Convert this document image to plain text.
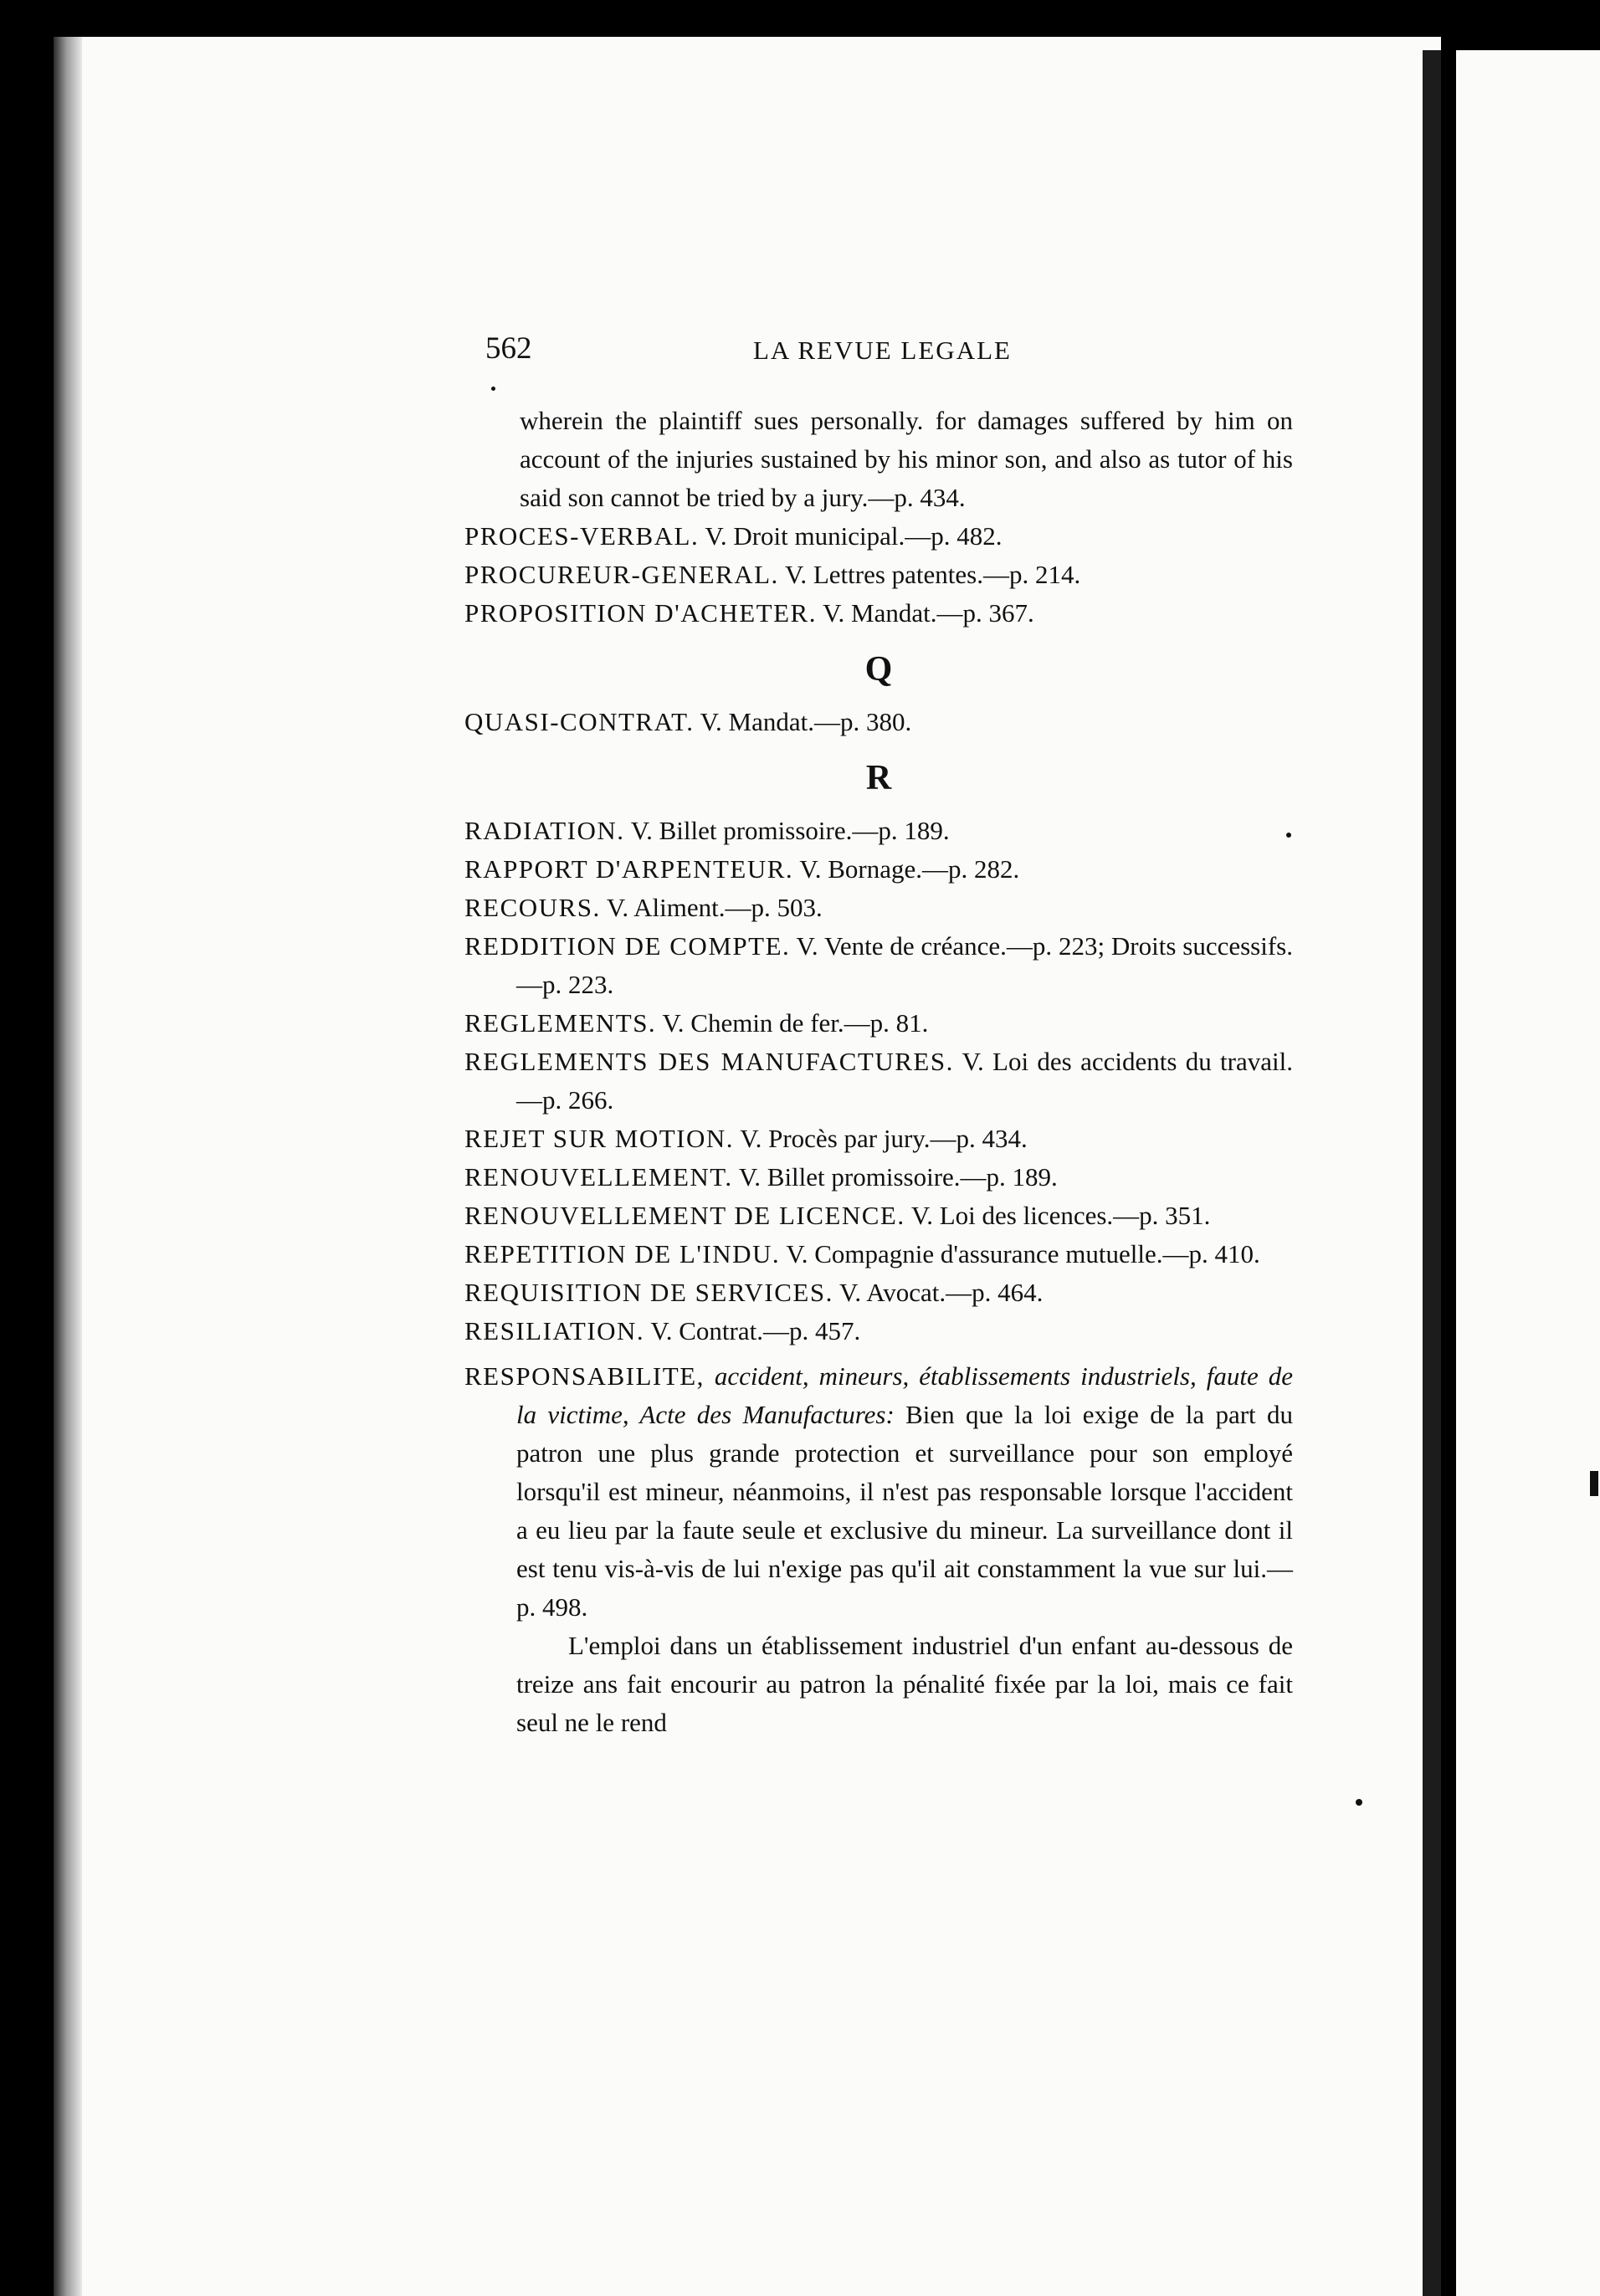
562	LA REVUE LEGALE

wherein the plaintiff sues personally. for damages suffered by him on account of the injuries sustained by his minor son, and also as tutor of his said son cannot be tried by a jury.—p. 434.

PROCES-VERBAL. V. Droit municipal.—p. 482.

PROCUREUR-GENERAL. V. Lettres patentes.—p. 214.

PROPOSITION D'ACHETER. V. Mandat.—p. 367.

Q

QUASI-CONTRAT. V. Mandat.—p. 380.

R

RADIATION. V. Billet promissoire.—p. 189.

RAPPORT D'ARPENTEUR. V. Bornage.—p. 282.

RECOURS. V. Aliment.—p. 503.

REDDITION DE COMPTE. V. Vente de créance.—p. 223; Droits successifs.—p. 223.

REGLEMENTS. V. Chemin de fer.—p. 81.

REGLEMENTS DES MANUFACTURES. V. Loi des accidents du travail.—p. 266.

REJET SUR MOTION. V. Procès par jury.—p. 434.

RENOUVELLEMENT. V. Billet promissoire.—p. 189.

RENOUVELLEMENT DE LICENCE. V. Loi des licences.—p. 351.

REPETITION DE L'INDU. V. Compagnie d'assurance mutuelle.—p. 410.

REQUISITION DE SERVICES. V. Avocat.—p. 464.

RESILIATION. V. Contrat.—p. 457.

RESPONSABILITE, accident, mineurs, établissements industriels, faute de la victime, Acte des Manufactures: Bien que la loi exige de la part du patron une plus grande protection et surveillance pour son employé lorsqu'il est mineur, néanmoins, il n'est pas responsable lorsque l'accident a eu lieu par la faute seule et exclusive du mineur. La surveillance dont il est tenu vis-à-vis de lui n'exige pas qu'il ait constamment la vue sur lui.—p. 498.

L'emploi dans un établissement industriel d'un enfant au-dessous de treize ans fait encourir au patron la pénalité fixée par la loi, mais ce fait seul ne le rend
